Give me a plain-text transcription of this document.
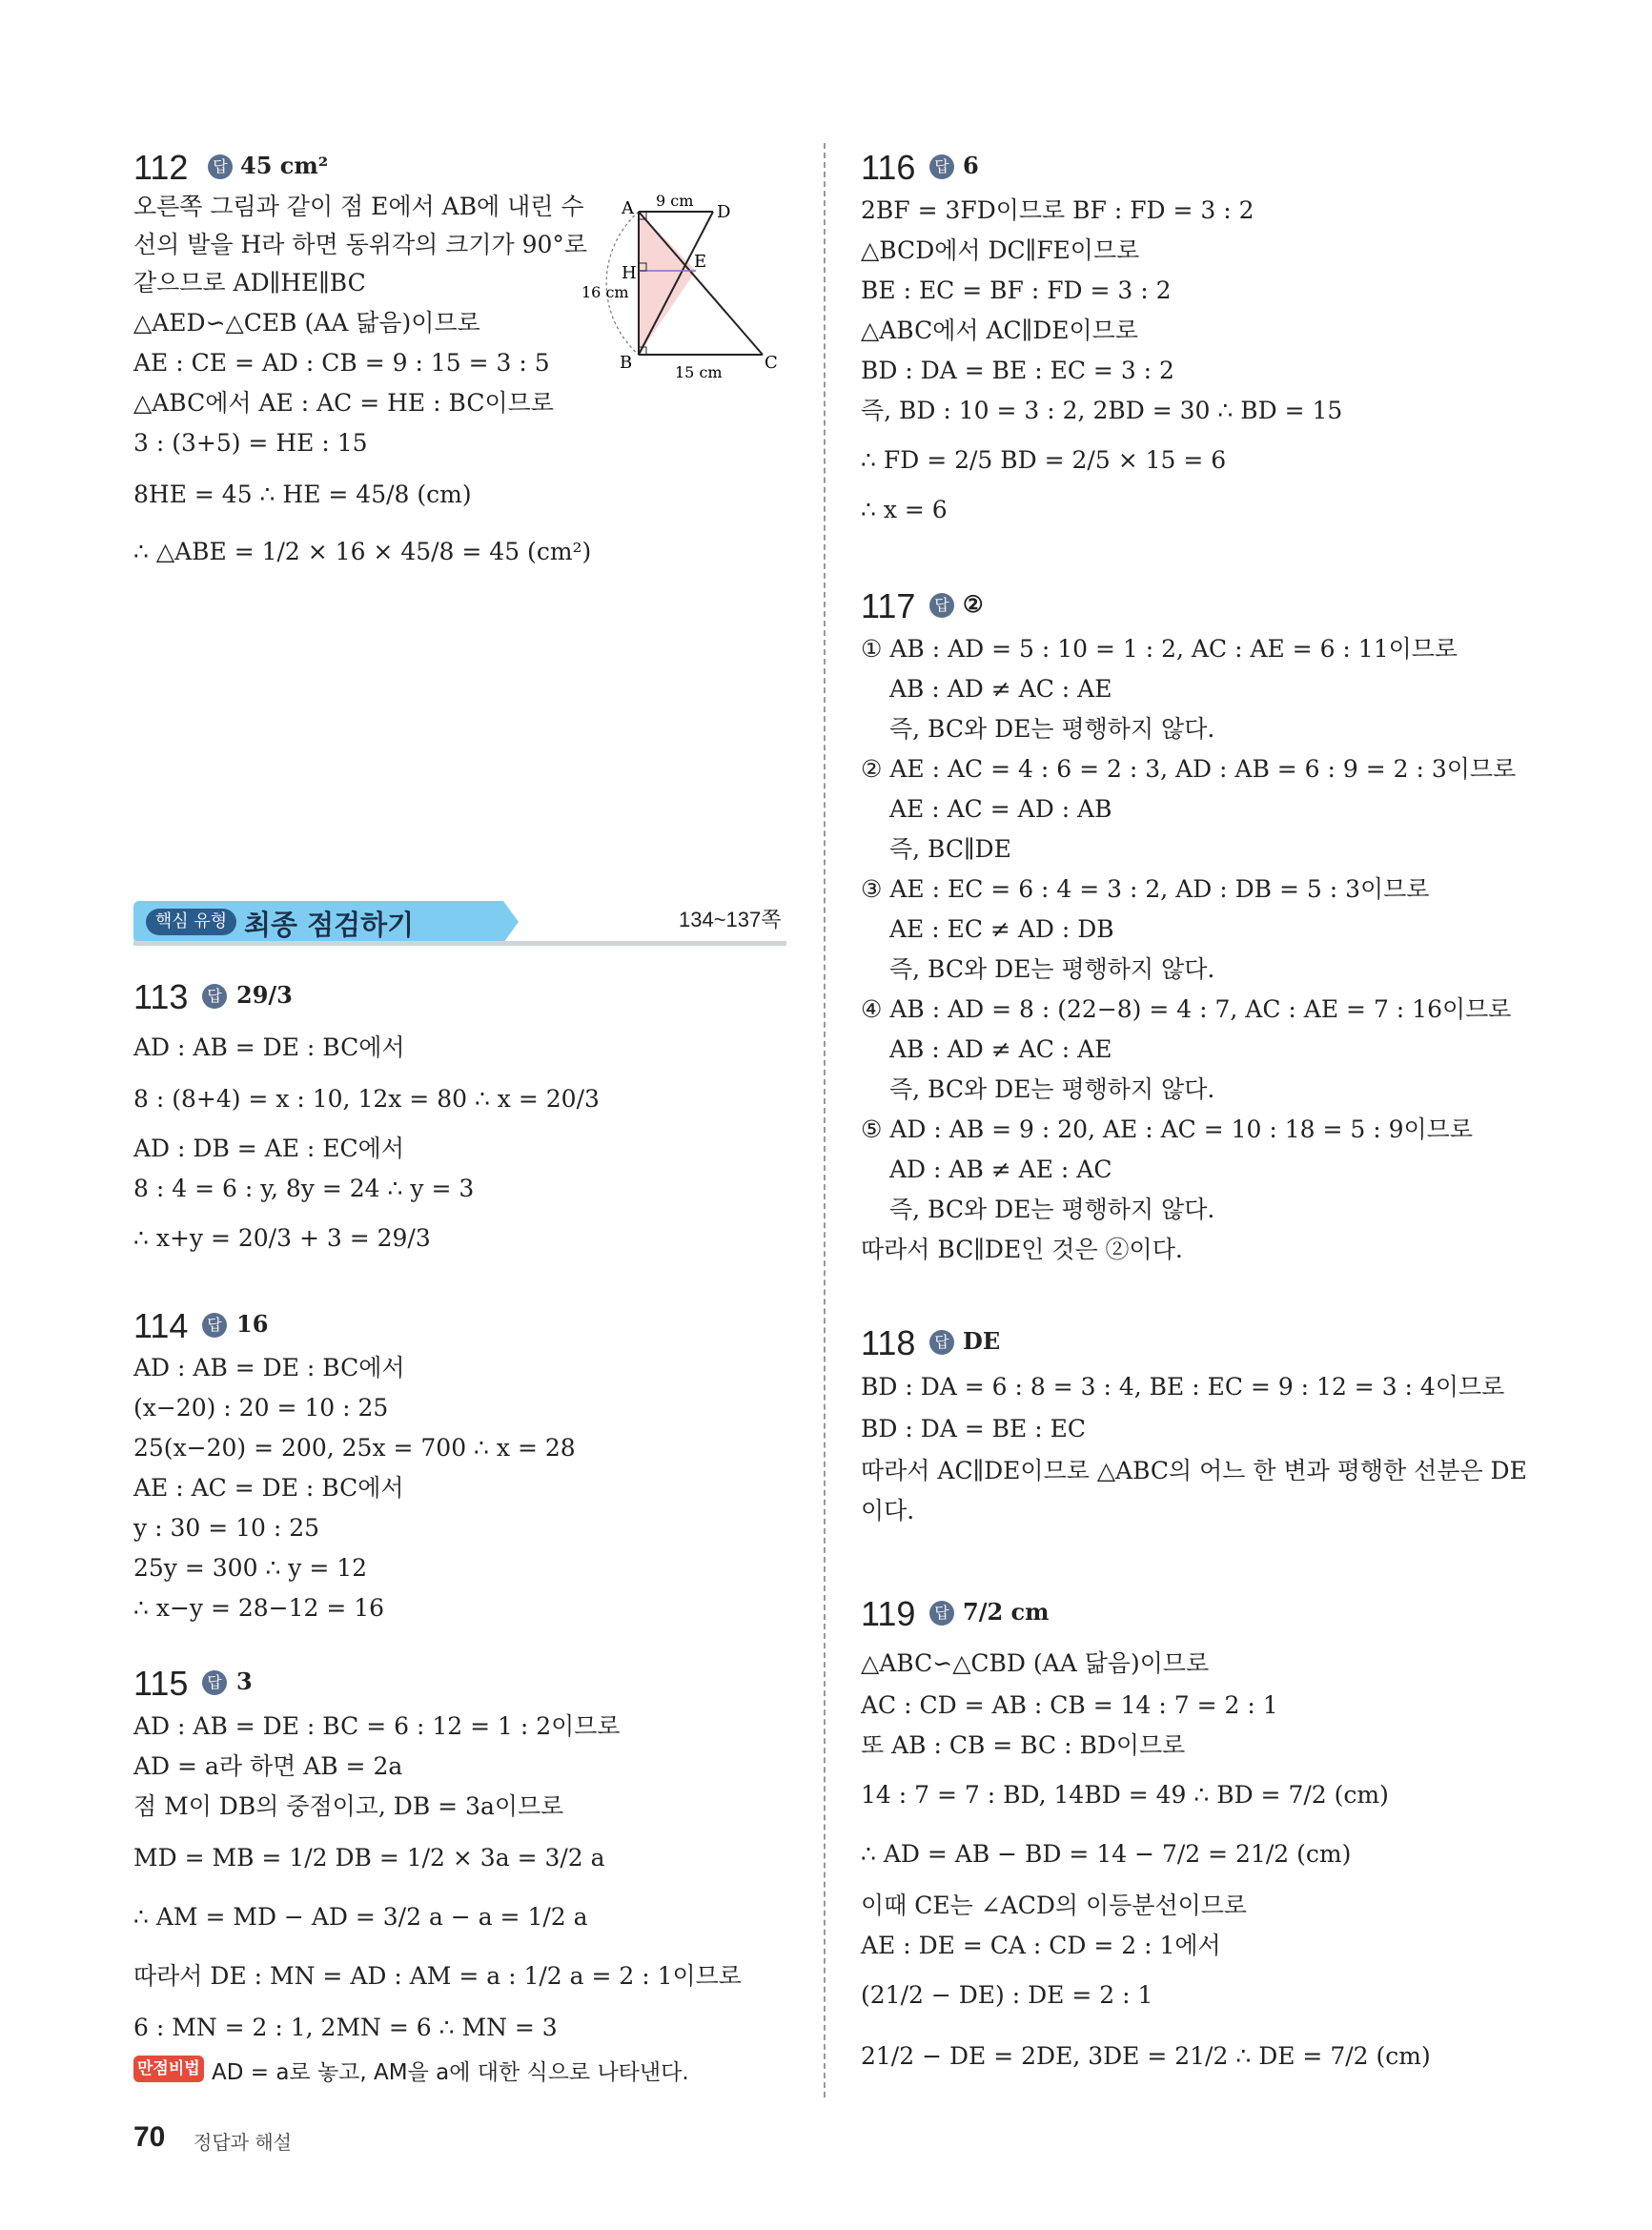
112	답 45 cm²
오른쪽 그림과 같이 점 E에서 AB에 내린 수
선의 발을 H라 하면 동위각의 크기가 90°로
같으므로 AD∥HE∥BC
△AED∽△CEB (AA 닮음)이므로
AE : CE = AD : CB = 9 : 15 = 3 : 5
△ABC에서 AE : AC = HE : BC이므로
3 : (3+5) = HE : 15
8HE = 45 ∴ HE = 45/8 (cm)
∴ △ABE = 1/2 × 16 × 45/8 = 45 (cm²)
A	D
H
E
B	C
9 cm
16 cm
15 cm
핵심 유형 최종 점검하기	134~137쪽
113	답 29/3
AD : AB = DE : BC에서
8 : (8+4) = x : 10, 12x = 80 ∴ x = 20/3
AD : DB = AE : EC에서
8 : 4 = 6 : y, 8y = 24 ∴ y = 3
∴ x+y = 20/3 + 3 = 29/3
114	답 16
AD : AB = DE : BC에서
(x−20) : 20 = 10 : 25
25(x−20) = 200, 25x = 700 ∴ x = 28
AE : AC = DE : BC에서
y : 30 = 10 : 25
25y = 300 ∴ y = 12
∴ x−y = 28−12 = 16
115	답 3
AD : AB = DE : BC = 6 : 12 = 1 : 2이므로
AD = a라 하면 AB = 2a
점 M이 DB의 중점이고, DB = 3a이므로
MD = MB = 1/2 DB = 1/2 × 3a = 3/2 a
∴ AM = MD − AD = 3/2 a − a = 1/2 a
따라서 DE : MN = AD : AM = a : 1/2 a = 2 : 1이므로
6 : MN = 2 : 1, 2MN = 6 ∴ MN = 3
만점비법 AD = a로 놓고, AM을 a에 대한 식으로 나타낸다.
116	답 6
2BF = 3FD이므로 BF : FD = 3 : 2
△BCD에서 DC∥FE이므로
BE : EC = BF : FD = 3 : 2
△ABC에서 AC∥DE이므로
BD : DA = BE : EC = 3 : 2
즉, BD : 10 = 3 : 2, 2BD = 30 ∴ BD = 15
∴ FD = 2/5 BD = 2/5 × 15 = 6
∴ x = 6
117	답 ②
① AB : AD = 5 : 10 = 1 : 2, AC : AE = 6 : 11이므로
AB : AD ≠ AC : AE
즉, BC와 DE는 평행하지 않다.
② AE : AC = 4 : 6 = 2 : 3, AD : AB = 6 : 9 = 2 : 3이므로
AE : AC = AD : AB
즉, BC∥DE
③ AE : EC = 6 : 4 = 3 : 2, AD : DB = 5 : 3이므로
AE : EC ≠ AD : DB
즉, BC와 DE는 평행하지 않다.
④ AB : AD = 8 : (22−8) = 4 : 7, AC : AE = 7 : 16이므로
AB : AD ≠ AC : AE
즉, BC와 DE는 평행하지 않다.
⑤ AD : AB = 9 : 20, AE : AC = 10 : 18 = 5 : 9이므로
AD : AB ≠ AE : AC
즉, BC와 DE는 평행하지 않다.
따라서 BC∥DE인 것은 ②이다.
118	답 DE
BD : DA = 6 : 8 = 3 : 4, BE : EC = 9 : 12 = 3 : 4이므로
BD : DA = BE : EC
따라서 AC∥DE이므로 △ABC의 어느 한 변과 평행한 선분은 DE
이다.
119	답 7/2 cm
△ABC∽△CBD (AA 닮음)이므로
AC : CD = AB : CB = 14 : 7 = 2 : 1
또 AB : CB = BC : BD이므로
14 : 7 = 7 : BD, 14BD = 49 ∴ BD = 7/2 (cm)
∴ AD = AB − BD = 14 − 7/2 = 21/2 (cm)
이때 CE는 ∠ACD의 이등분선이므로
AE : DE = CA : CD = 2 : 1에서
(21/2 − DE) : DE = 2 : 1
21/2 − DE = 2DE, 3DE = 21/2 ∴ DE = 7/2 (cm)
70 정답과 해설
